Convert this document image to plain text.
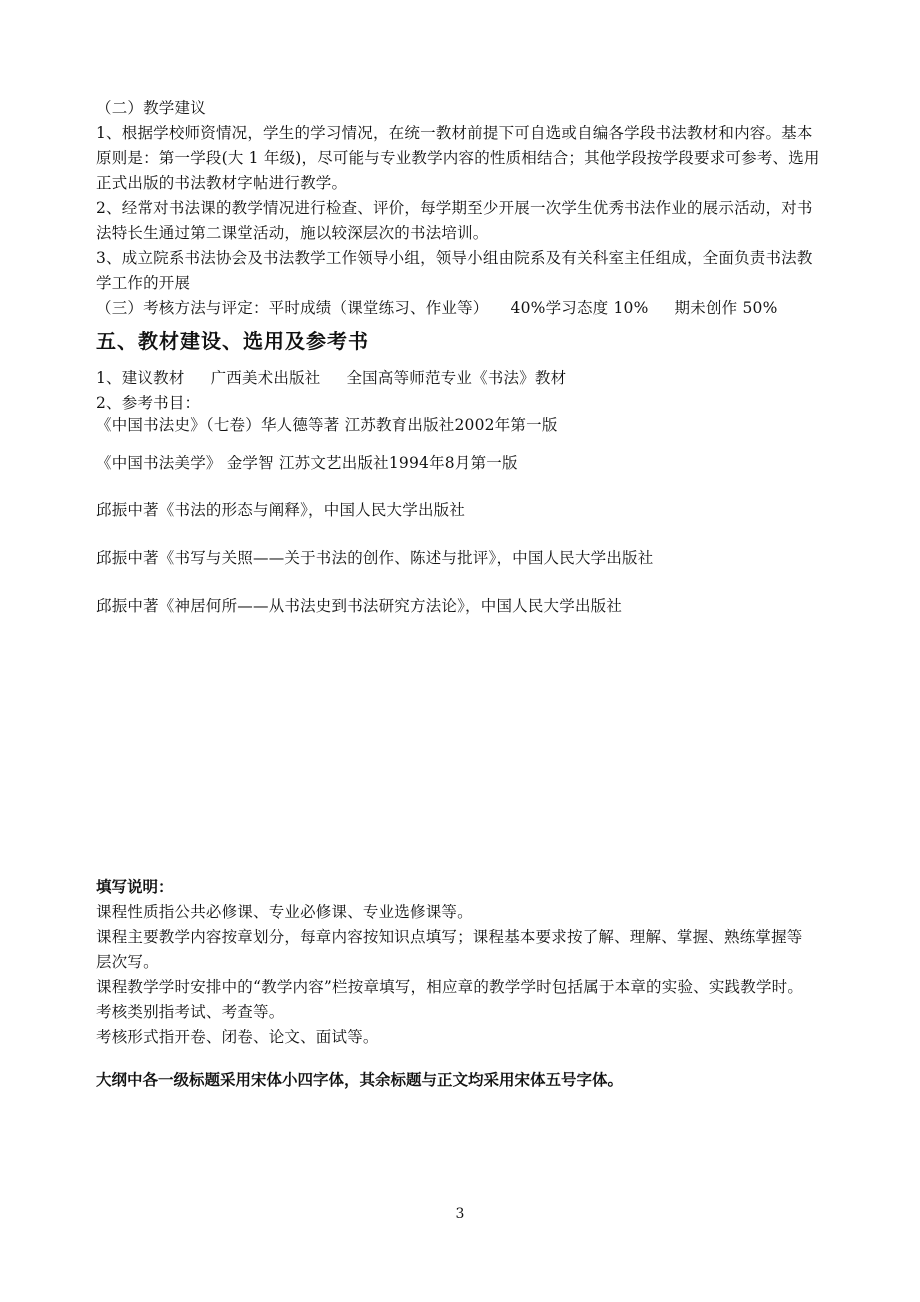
（二）教学建议

1、根据学校师资情况，学生的学习情况，在统一教材前提下可自选或自编各学段书法教材和内容。基本

原则是：第一学段(大 1 年级)，尽可能与专业教学内容的性质相结合；其他学段按学段要求可参考、选用

正式出版的书法教材字帖进行教学。

2、经常对书法课的教学情况进行检查、评价，每学期至少开展一次学生优秀书法作业的展示活动，对书

法特长生通过第二课堂活动，施以较深层次的书法培训。

3、成立院系书法协会及书法教学工作领导小组，领导小组由院系及有关科室主任组成，全面负责书法教

学工作的开展

（三）考核方法与评定：平时成绩（课堂练习、作业等） 40%学习态度 10% 期未创作 50%

五、教材建设、选用及参考书

1、建议教材 广西美术出版社 全国高等师范专业《书法》教材

2、参考书目：

《中国书法史》（七卷）华人德等著 江苏教育出版社2002年第一版

《中国书法美学》 金学智 江苏文艺出版社1994年8月第一版

邱振中著《书法的形态与阐释》，中国人民大学出版社

邱振中著《书写与关照——关于书法的创作、陈述与批评》，中国人民大学出版社

邱振中著《神居何所——从书法史到书法研究方法论》，中国人民大学出版社

填写说明：

课程性质指公共必修课、专业必修课、专业选修课等。

课程主要教学内容按章划分，每章内容按知识点填写；课程基本要求按了解、理解、掌握、熟练掌握等

层次写。

课程教学学时安排中的“教学内容”栏按章填写，相应章的教学学时包括属于本章的实验、实践教学时。

考核类别指考试、考查等。

考核形式指开卷、闭卷、论文、面试等。

大纲中各一级标题采用宋体小四字体，其余标题与正文均采用宋体五号字体。

3
